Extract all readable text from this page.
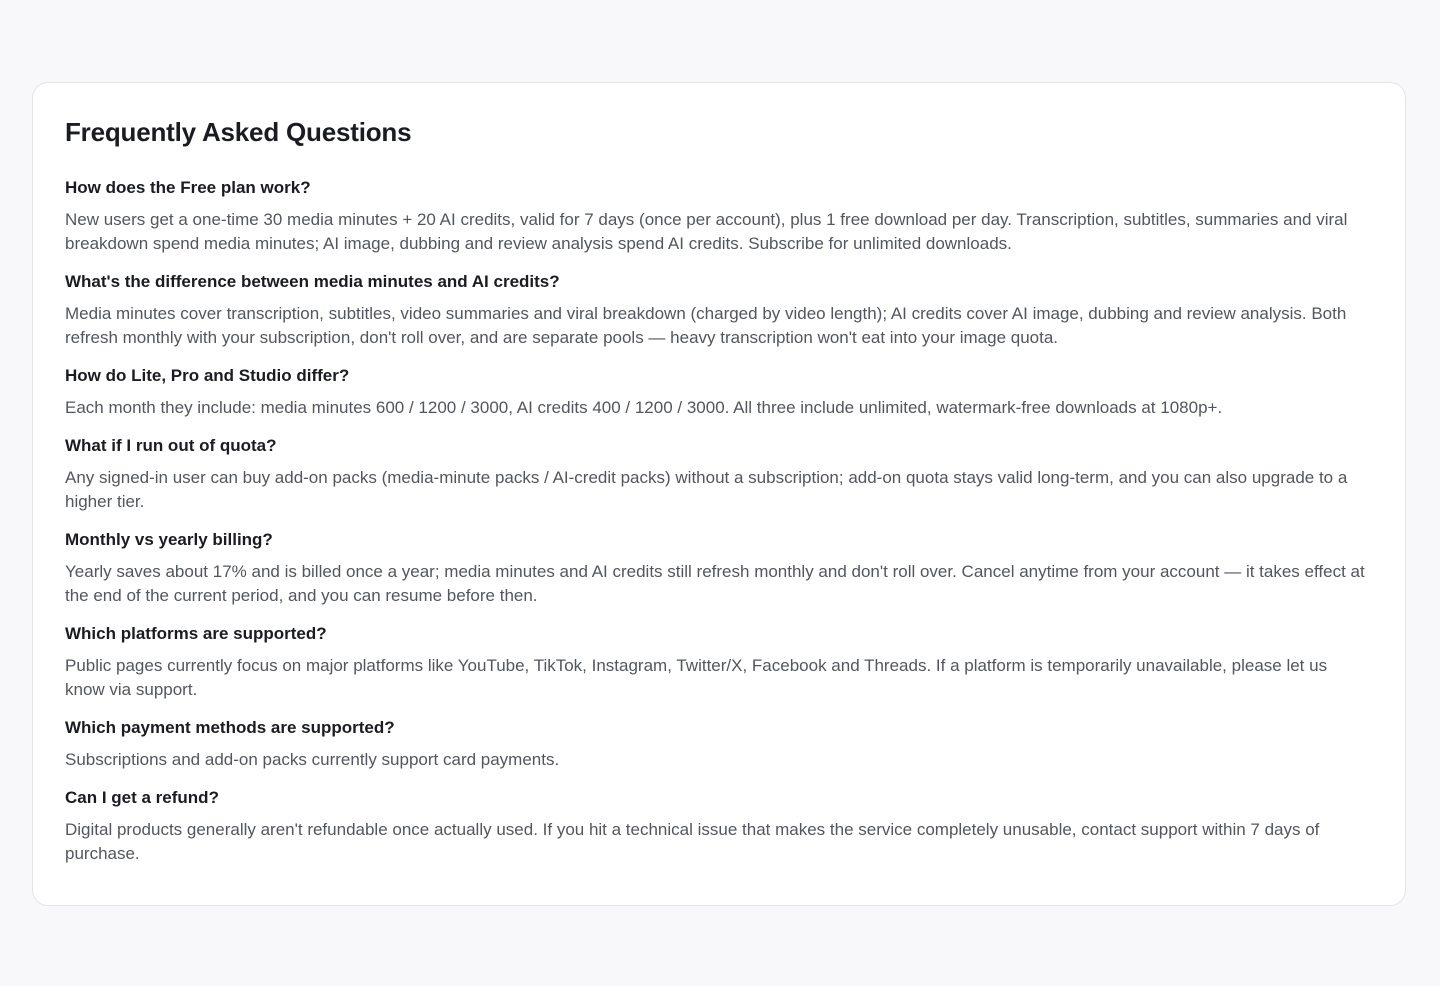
Frequently Asked Questions
How does the Free plan work?

New users get a one-time 30 media minutes + 20 AI credits, valid for 7 days (once per account), plus 1 free download per day. Transcription, subtitles, summaries and viral breakdown spend media minutes; AI image, dubbing and review analysis spend AI credits. Subscribe for unlimited downloads.

What's the difference between media minutes and AI credits?

Media minutes cover transcription, subtitles, video summaries and viral breakdown (charged by video length); AI credits cover AI image, dubbing and review analysis. Both refresh monthly with your subscription, don't roll over, and are separate pools — heavy transcription won't eat into your image quota.

How do Lite, Pro and Studio differ?

Each month they include: media minutes 600 / 1200 / 3000, AI credits 400 / 1200 / 3000. All three include unlimited, watermark-free downloads at 1080p+.

What if I run out of quota?

Any signed-in user can buy add-on packs (media-minute packs / AI-credit packs) without a subscription; add-on quota stays valid long-term, and you can also upgrade to a higher tier.

Monthly vs yearly billing?

Yearly saves about 17% and is billed once a year; media minutes and AI credits still refresh monthly and don't roll over. Cancel anytime from your account — it takes effect at the end of the current period, and you can resume before then.

Which platforms are supported?

Public pages currently focus on major platforms like YouTube, TikTok, Instagram, Twitter/X, Facebook and Threads. If a platform is temporarily unavailable, please let us know via support.

Which payment methods are supported?

Subscriptions and add-on packs currently support card payments.

Can I get a refund?

Digital products generally aren't refundable once actually used. If you hit a technical issue that makes the service completely unusable, contact support within 7 days of purchase.
